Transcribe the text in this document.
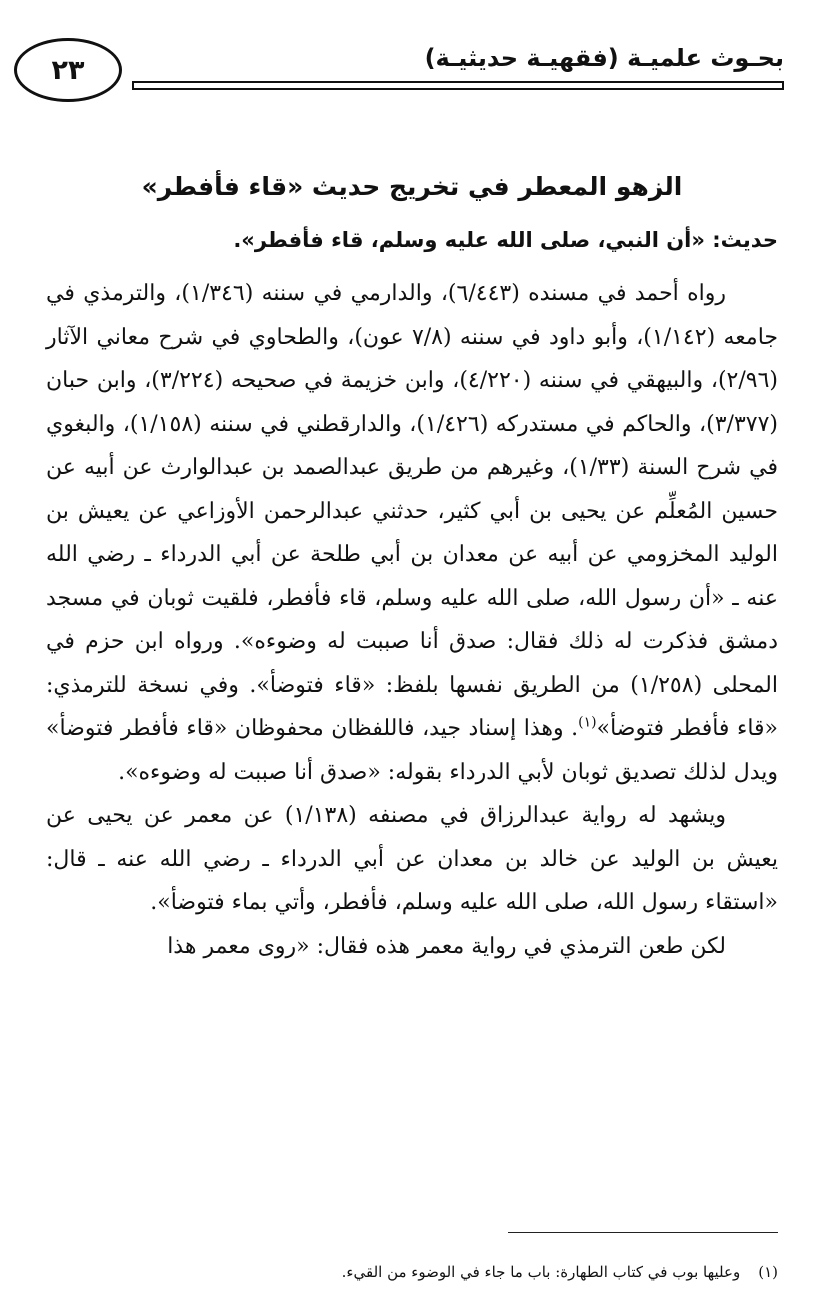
٢٣	بحـوث علميـة (فقهيـة حديثيـة)
الزهو المعطر في تخريج حديث «قاء فأفطر»

حديث: «أن النبي، صلى الله عليه وسلم، قاء فأفطر».

رواه أحمد في مسنده (٦/٤٤٣)، والدارمي في سننه (١/٣٤٦)، والترمذي في جامعه (١/١٤٢)، وأبو داود في سننه (٧/٨ عون)، والطحاوي في شرح معاني الآثار (٢/٩٦)، والبيهقي في سننه (٤/٢٢٠)، وابن خزيمة في صحيحه (٣/٢٢٤)، وابن حبان (٣/٣٧٧)، والحاكم في مستدركه (١/٤٢٦)، والدارقطني في سننه (١/١٥٨)، والبغوي في شرح السنة (١/٣٣)، وغيرهم من طريق عبدالصمد بن عبدالوارث عن أبيه عن حسين المُعلِّم عن يحيى بن أبي كثير، حدثني عبدالرحمن الأوزاعي عن يعيش بن الوليد المخزومي عن أبيه عن معدان بن أبي طلحة عن أبي الدرداء ـ رضي الله عنه ـ «أن رسول الله، صلى الله عليه وسلم، قاء فأفطر، فلقيت ثوبان في مسجد دمشق فذكرت له ذلك فقال: صدق أنا صببت له وضوءه». ورواه ابن حزم في المحلى (١/٢٥٨) من الطريق نفسها بلفظ: «قاء فتوضأ». وفي نسخة للترمذي: «قاء فأفطر فتوضأ»$^{(١)}$. وهذا إسناد جيد، فاللفظان محفوظان «قاء فأفطر فتوضأ» ويدل لذلك تصديق ثوبان لأبي الدرداء بقوله: «صدق أنا صببت له وضوءه».

ويشهد له رواية عبدالرزاق في مصنفه (١/١٣٨) عن معمر عن يحيى عن يعيش بن الوليد عن خالد بن معدان عن أبي الدرداء ـ رضي الله عنه ـ قال: «استقاء رسول الله، صلى الله عليه وسلم، فأفطر، وأتي بماء فتوضأ».

لكن طعن الترمذي في رواية معمر هذه فقال: «روى معمر هذا

(١)وعليها بوب في كتاب الطهارة: باب ما جاء في الوضوء من القيء.
